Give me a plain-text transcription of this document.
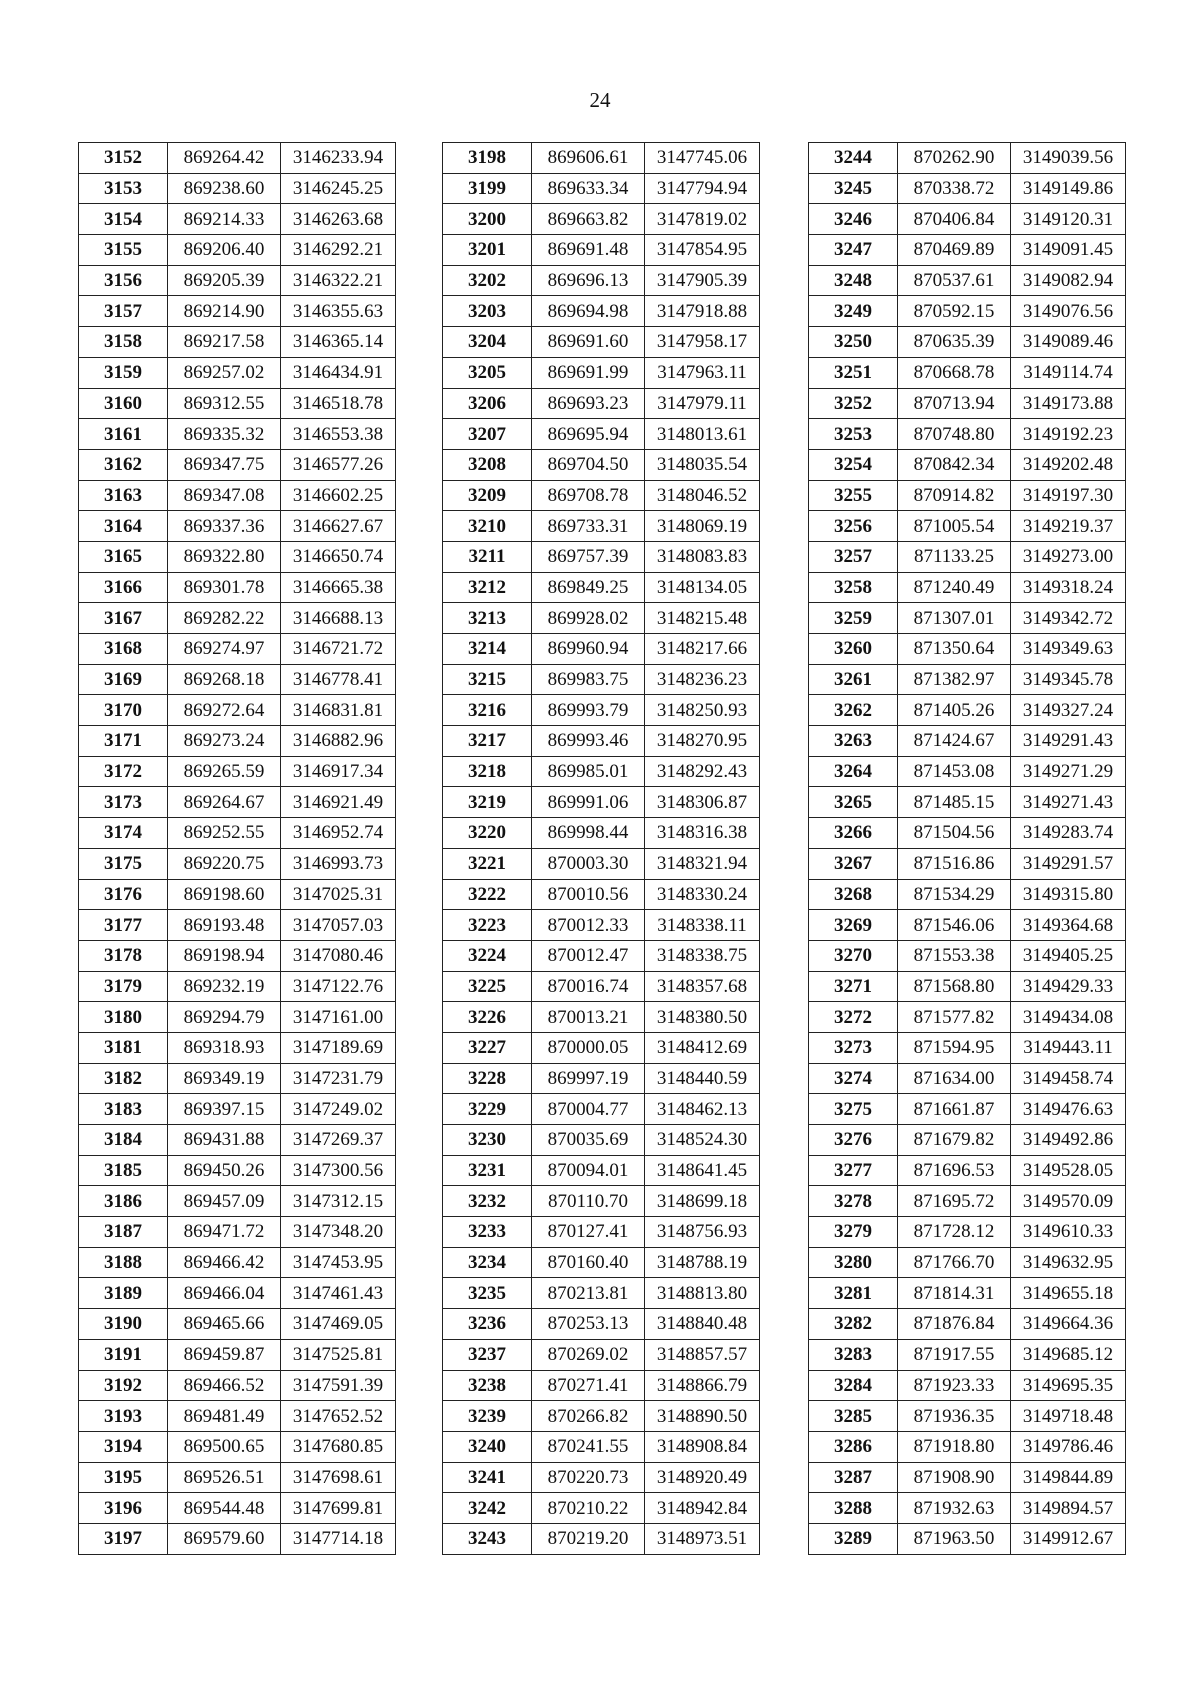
24
3152	869264.42	3146233.94
3153	869238.60	3146245.25
3154	869214.33	3146263.68
3155	869206.40	3146292.21
3156	869205.39	3146322.21
3157	869214.90	3146355.63
3158	869217.58	3146365.14
3159	869257.02	3146434.91
3160	869312.55	3146518.78
3161	869335.32	3146553.38
3162	869347.75	3146577.26
3163	869347.08	3146602.25
3164	869337.36	3146627.67
3165	869322.80	3146650.74
3166	869301.78	3146665.38
3167	869282.22	3146688.13
3168	869274.97	3146721.72
3169	869268.18	3146778.41
3170	869272.64	3146831.81
3171	869273.24	3146882.96
3172	869265.59	3146917.34
3173	869264.67	3146921.49
3174	869252.55	3146952.74
3175	869220.75	3146993.73
3176	869198.60	3147025.31
3177	869193.48	3147057.03
3178	869198.94	3147080.46
3179	869232.19	3147122.76
3180	869294.79	3147161.00
3181	869318.93	3147189.69
3182	869349.19	3147231.79
3183	869397.15	3147249.02
3184	869431.88	3147269.37
3185	869450.26	3147300.56
3186	869457.09	3147312.15
3187	869471.72	3147348.20
3188	869466.42	3147453.95
3189	869466.04	3147461.43
3190	869465.66	3147469.05
3191	869459.87	3147525.81
3192	869466.52	3147591.39
3193	869481.49	3147652.52
3194	869500.65	3147680.85
3195	869526.51	3147698.61
3196	869544.48	3147699.81
3197	869579.60	3147714.18
3198	869606.61	3147745.06
3199	869633.34	3147794.94
3200	869663.82	3147819.02
3201	869691.48	3147854.95
3202	869696.13	3147905.39
3203	869694.98	3147918.88
3204	869691.60	3147958.17
3205	869691.99	3147963.11
3206	869693.23	3147979.11
3207	869695.94	3148013.61
3208	869704.50	3148035.54
3209	869708.78	3148046.52
3210	869733.31	3148069.19
3211	869757.39	3148083.83
3212	869849.25	3148134.05
3213	869928.02	3148215.48
3214	869960.94	3148217.66
3215	869983.75	3148236.23
3216	869993.79	3148250.93
3217	869993.46	3148270.95
3218	869985.01	3148292.43
3219	869991.06	3148306.87
3220	869998.44	3148316.38
3221	870003.30	3148321.94
3222	870010.56	3148330.24
3223	870012.33	3148338.11
3224	870012.47	3148338.75
3225	870016.74	3148357.68
3226	870013.21	3148380.50
3227	870000.05	3148412.69
3228	869997.19	3148440.59
3229	870004.77	3148462.13
3230	870035.69	3148524.30
3231	870094.01	3148641.45
3232	870110.70	3148699.18
3233	870127.41	3148756.93
3234	870160.40	3148788.19
3235	870213.81	3148813.80
3236	870253.13	3148840.48
3237	870269.02	3148857.57
3238	870271.41	3148866.79
3239	870266.82	3148890.50
3240	870241.55	3148908.84
3241	870220.73	3148920.49
3242	870210.22	3148942.84
3243	870219.20	3148973.51
3244	870262.90	3149039.56
3245	870338.72	3149149.86
3246	870406.84	3149120.31
3247	870469.89	3149091.45
3248	870537.61	3149082.94
3249	870592.15	3149076.56
3250	870635.39	3149089.46
3251	870668.78	3149114.74
3252	870713.94	3149173.88
3253	870748.80	3149192.23
3254	870842.34	3149202.48
3255	870914.82	3149197.30
3256	871005.54	3149219.37
3257	871133.25	3149273.00
3258	871240.49	3149318.24
3259	871307.01	3149342.72
3260	871350.64	3149349.63
3261	871382.97	3149345.78
3262	871405.26	3149327.24
3263	871424.67	3149291.43
3264	871453.08	3149271.29
3265	871485.15	3149271.43
3266	871504.56	3149283.74
3267	871516.86	3149291.57
3268	871534.29	3149315.80
3269	871546.06	3149364.68
3270	871553.38	3149405.25
3271	871568.80	3149429.33
3272	871577.82	3149434.08
3273	871594.95	3149443.11
3274	871634.00	3149458.74
3275	871661.87	3149476.63
3276	871679.82	3149492.86
3277	871696.53	3149528.05
3278	871695.72	3149570.09
3279	871728.12	3149610.33
3280	871766.70	3149632.95
3281	871814.31	3149655.18
3282	871876.84	3149664.36
3283	871917.55	3149685.12
3284	871923.33	3149695.35
3285	871936.35	3149718.48
3286	871918.80	3149786.46
3287	871908.90	3149844.89
3288	871932.63	3149894.57
3289	871963.50	3149912.67
